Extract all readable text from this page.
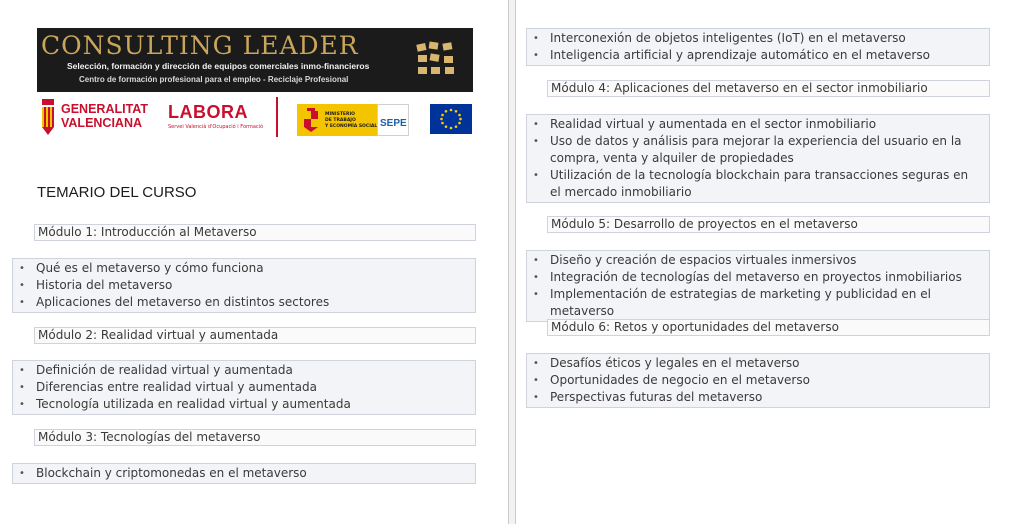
CONSULTING LEADER
Selección, formación y dirección de equipos comerciales inmo-financieros
Centro de formación profesional para el empleo - Reciclaje Profesional
GENERALITAT
VALENCIANA
LABORA
Servei Valencià d'Ocupació i Formació
MINISTERIO
DE TRABAJO
Y ECONOMÍA SOCIAL SEPE
TEMARIO DEL CURSO
Módulo 1: Introducción al Metaverso
• Qué es el metaverso y cómo funciona
• Historia del metaverso
• Aplicaciones del metaverso en distintos sectores
Módulo 2: Realidad virtual y aumentada
• Definición de realidad virtual y aumentada
• Diferencias entre realidad virtual y aumentada
• Tecnología utilizada en realidad virtual y aumentada
Módulo 3: Tecnologías del metaverso
• Blockchain y criptomonedas en el metaverso
• Interconexión de objetos inteligentes (IoT) en el metaverso
• Inteligencia artificial y aprendizaje automático en el metaverso
Módulo 4: Aplicaciones del metaverso en el sector inmobiliario
• Realidad virtual y aumentada en el sector inmobiliario
• Uso de datos y análisis para mejorar la experiencia del usuario en la compra, venta y alquiler de propiedades
• Utilización de la tecnología blockchain para transacciones seguras en el mercado inmobiliario
Módulo 5: Desarrollo de proyectos en el metaverso
• Diseño y creación de espacios virtuales inmersivos
• Integración de tecnologías del metaverso en proyectos inmobiliarios
• Implementación de estrategias de marketing y publicidad en el metaverso
Módulo 6: Retos y oportunidades del metaverso
• Desafíos éticos y legales en el metaverso
• Oportunidades de negocio en el metaverso
• Perspectivas futuras del metaverso
